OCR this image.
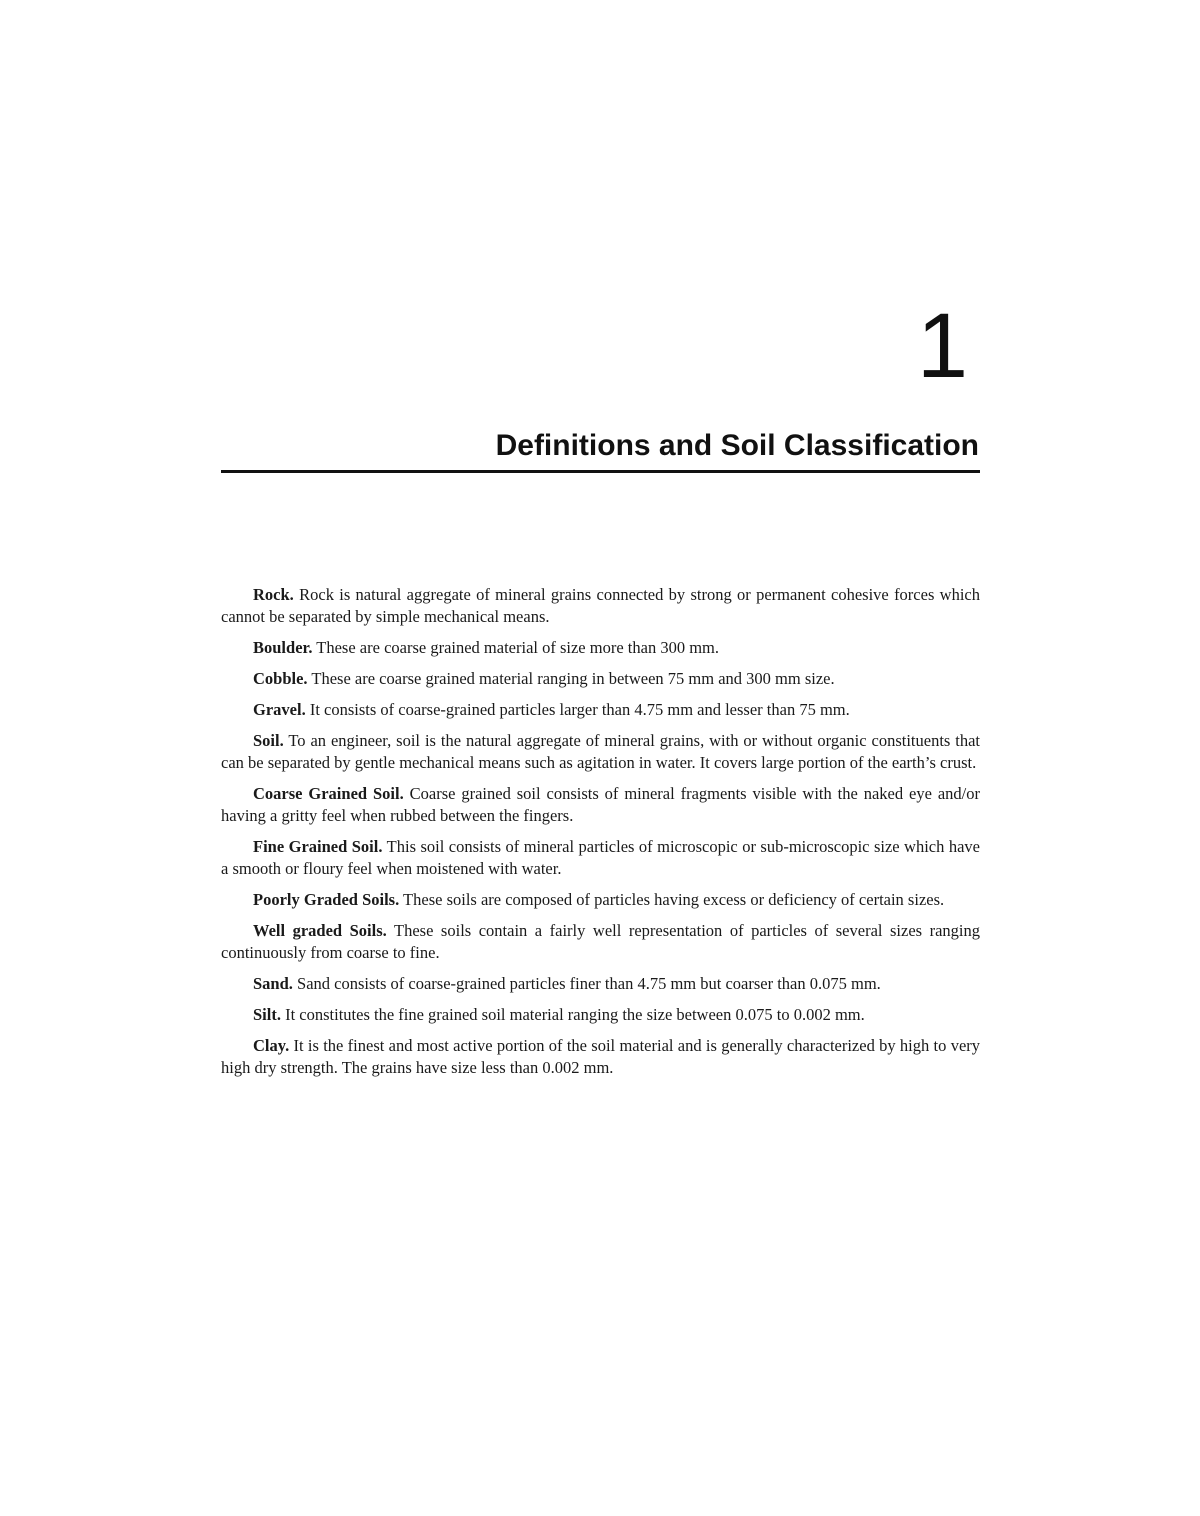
1
Definitions and Soil Classification

Rock. Rock is natural aggregate of mineral grains connected by strong or permanent cohesive forces which cannot be separated by simple mechanical means.

Boulder. These are coarse grained material of size more than 300 mm.

Cobble. These are coarse grained material ranging in between 75 mm and 300 mm size.

Gravel. It consists of coarse-grained particles larger than 4.75 mm and lesser than 75 mm.

Soil. To an engineer, soil is the natural aggregate of mineral grains, with or without organic constituents that can be separated by gentle mechanical means such as agitation in water. It covers large portion of the earth’s crust.

Coarse Grained Soil. Coarse grained soil consists of mineral fragments visible with the naked eye and/or having a gritty feel when rubbed between the fingers.

Fine Grained Soil. This soil consists of mineral particles of microscopic or sub-microscopic size which have a smooth or floury feel when moistened with water.

Poorly Graded Soils. These soils are composed of particles having excess or deficiency of certain sizes.

Well graded Soils. These soils contain a fairly well representation of particles of several sizes ranging continuously from coarse to fine.

Sand. Sand consists of coarse-grained particles finer than 4.75 mm but coarser than 0.075 mm.

Silt. It constitutes the fine grained soil material ranging the size between 0.075 to 0.002 mm.

Clay. It is the finest and most active portion of the soil material and is generally characterized by high to very high dry strength. The grains have size less than 0.002 mm.
